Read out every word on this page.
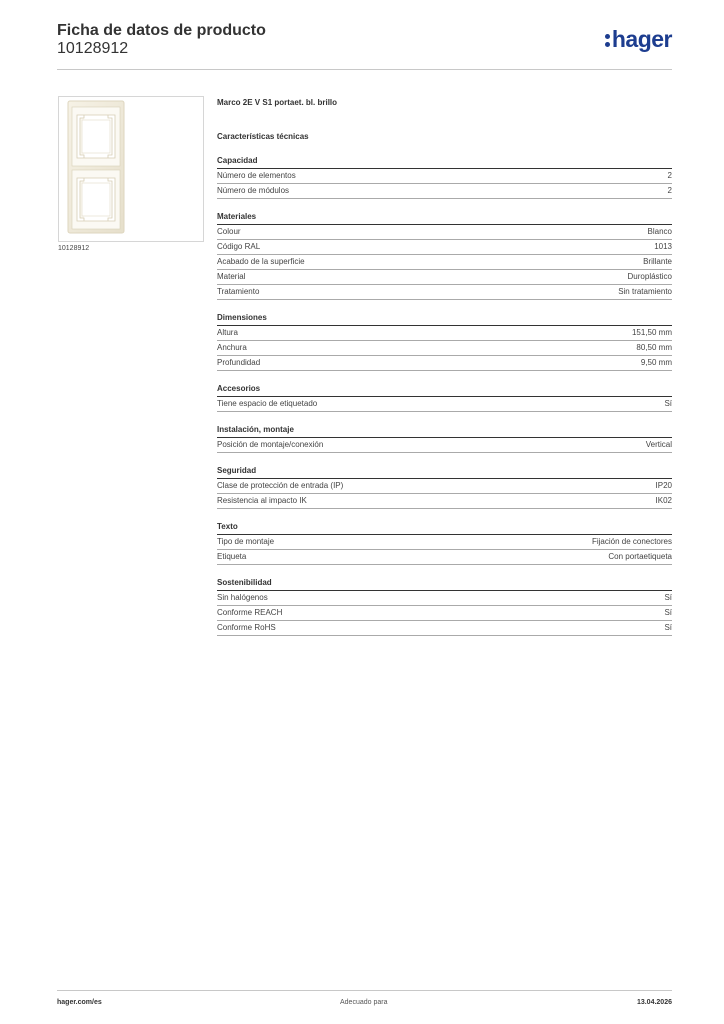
Ficha de datos de producto
10128912	hager
10128912
Marco 2E V S1 portaet. bl. brillo
Características técnicas
Capacidad
Número de elementos	2
Número de módulos	2
Materiales
Colour	Blanco
Código RAL	1013
Acabado de la superficie	Brillante
Material	Duroplástico
Tratamiento	Sin tratamiento
Dimensiones
Altura	151,50 mm
Anchura	80,50 mm
Profundidad	9,50 mm
Accesorios
Tiene espacio de etiquetado	Sí
Instalación, montaje
Posición de montaje/conexión	Vertical
Seguridad
Clase de protección de entrada (IP)	IP20
Resistencia al impacto IK	IK02
Texto
Tipo de montaje	Fijación de conectores
Etiqueta	Con portaetiqueta
Sostenibilidad
Sin halógenos	Sí
Conforme REACH	Sí
Conforme RoHS	Sí
hager.com/es	Adecuado para	13.04.2026
